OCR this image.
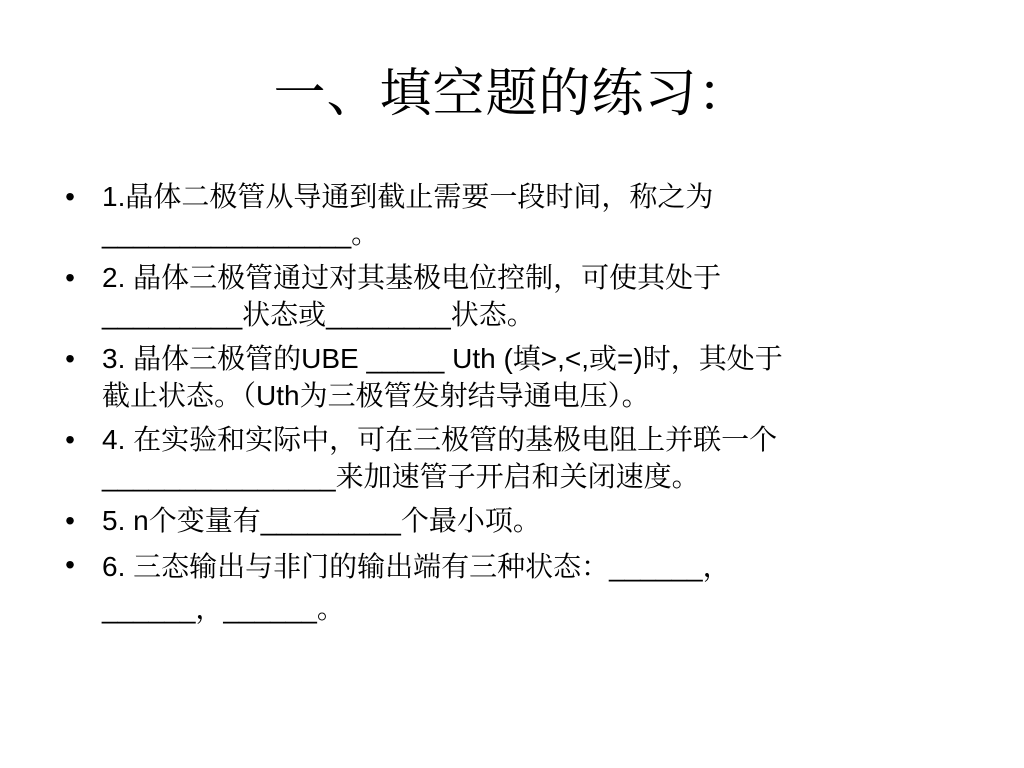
一、填空题的练习：
• 1.晶体二极管从导通到截止需要一段时间，称之为
________________。
• 2. 晶体三极管通过对其基极电位控制，可使其处于
_________状态或________状态。
• 3. 晶体三极管的UBE _____ Uth (填>,<,或=)时，其处于
截止状态。（Uth为三极管发射结导通电压）。
• 4. 在实验和实际中，可在三极管的基极电阻上并联一个
_______________来加速管子开启和关闭速度。
• 5. n个变量有_________个最小项。
• 6. 三态输出与非门的输出端有三种状态：______，
______，______。
